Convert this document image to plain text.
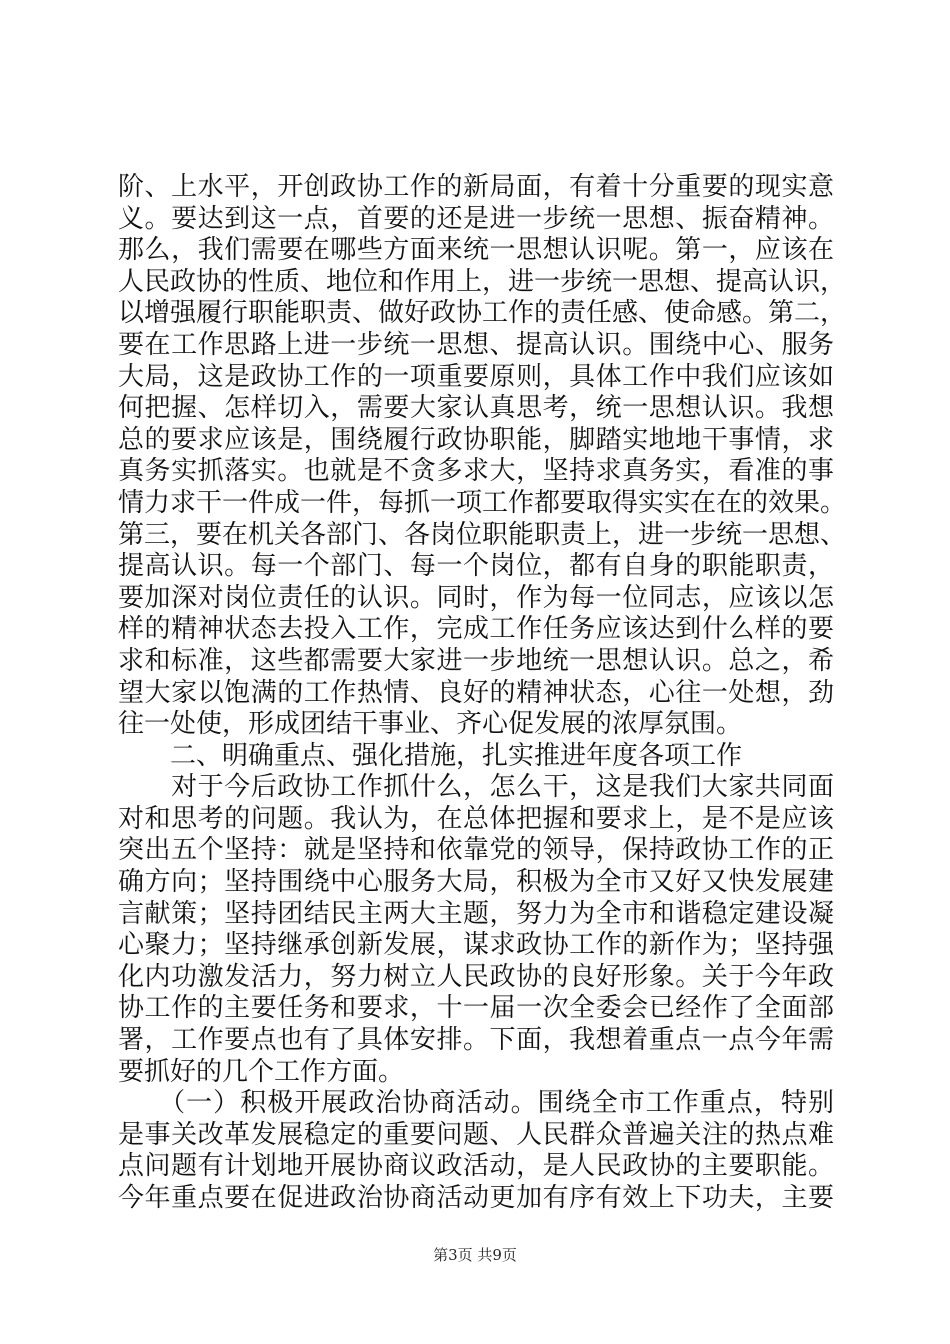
阶、上水平，开创政协工作的新局面，有着十分重要的现实意
义。要达到这一点，首要的还是进一步统一思想、振奋精神。
那么，我们需要在哪些方面来统一思想认识呢。第一，应该在
人民政协的性质、地位和作用上，进一步统一思想、提高认识，
以增强履行职能职责、做好政协工作的责任感、使命感。第二，
要在工作思路上进一步统一思想、提高认识。围绕中心、服务
大局，这是政协工作的一项重要原则，具体工作中我们应该如
何把握、怎样切入，需要大家认真思考，统一思想认识。我想
总的要求应该是，围绕履行政协职能，脚踏实地地干事情，求
真务实抓落实。也就是不贪多求大，坚持求真务实，看准的事
情力求干一件成一件，每抓一项工作都要取得实实在在的效果。
第三，要在机关各部门、各岗位职能职责上，进一步统一思想、
提高认识。每一个部门、每一个岗位，都有自身的职能职责，
要加深对岗位责任的认识。同时，作为每一位同志，应该以怎
样的精神状态去投入工作，完成工作任务应该达到什么样的要
求和标准，这些都需要大家进一步地统一思想认识。总之，希
望大家以饱满的工作热情、良好的精神状态，心往一处想，劲
往一处使，形成团结干事业、齐心促发展的浓厚氛围。
　　二、明确重点、强化措施，扎实推进年度各项工作
　　对于今后政协工作抓什么，怎么干，这是我们大家共同面
对和思考的问题。我认为，在总体把握和要求上，是不是应该
突出五个坚持：就是坚持和依靠党的领导，保持政协工作的正
确方向；坚持围绕中心服务大局，积极为全市又好又快发展建
言献策；坚持团结民主两大主题，努力为全市和谐稳定建设凝
心聚力；坚持继承创新发展，谋求政协工作的新作为；坚持强
化内功激发活力，努力树立人民政协的良好形象。关于今年政
协工作的主要任务和要求，十一届一次全委会已经作了全面部
署，工作要点也有了具体安排。下面，我想着重点一点今年需
要抓好的几个工作方面。
　　（一）积极开展政治协商活动。围绕全市工作重点，特别
是事关改革发展稳定的重要问题、人民群众普遍关注的热点难
点问题有计划地开展协商议政活动，是人民政协的主要职能。
今年重点要在促进政治协商活动更加有序有效上下功夫，主要
第3页 共9页
